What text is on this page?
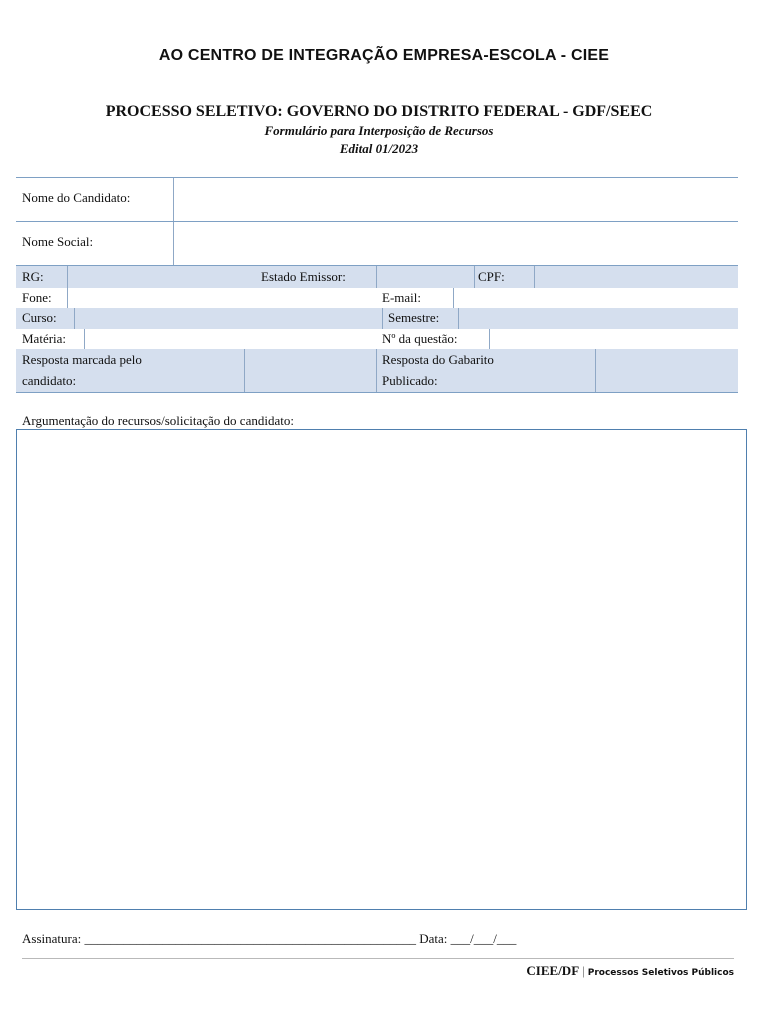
AO CENTRO DE INTEGRAÇÃO EMPRESA-ESCOLA - CIEE
PROCESSO SELETIVO: GOVERNO DO DISTRITO FEDERAL - GDF/SEEC
Formulário para Interposição de Recursos
Edital 01/2023
Nome do Candidato:
Nome Social:
RG:	Estado Emissor:	CPF:
Fone:	E-mail:
Curso:	Semestre:
Matéria:	Nº da questão:
Resposta marcada pelo
candidato:
Resposta do Gabarito
Publicado:
Argumentação do recursos/solicitação do candidato:
Assinatura: ___________________________________________________ Data: ___/___/___
CIEE/DF | Processos Seletivos Públicos
